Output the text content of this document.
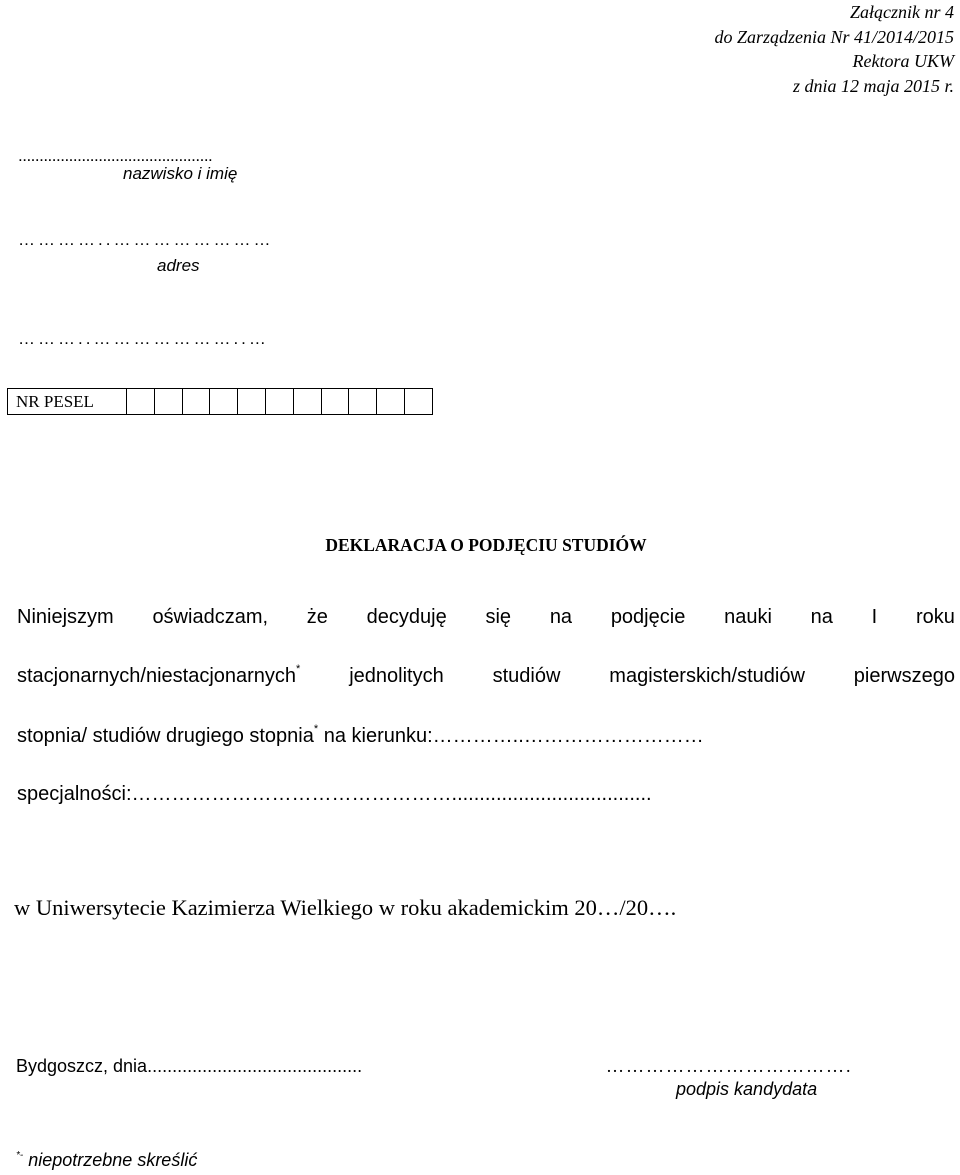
Załącznik nr 4
do Zarządzenia Nr 41/2014/2015
Rektora UKW
z dnia 12 maja 2015 r.
..............................................
nazwisko i imię
…………..……………………
adres
………..…………………..…
NR PESEL
DEKLARACJA O PODJĘCIU STUDIÓW
Niniejszym oświadczam, że decyduję się na podjęcie nauki na I roku
stacjonarnych/niestacjonarnych* jednolitych studiów magisterskich/studiów pierwszego
stopnia/ studiów drugiego stopnia* na kierunku:…………..………………………
specjalności:…………………………………………....................................
w Uniwersytecie Kazimierza Wielkiego w roku akademickim 20…/20….
Bydgoszcz, dnia...........................................	……………………………….
podpis kandydata
*- niepotrzebne skreślić
